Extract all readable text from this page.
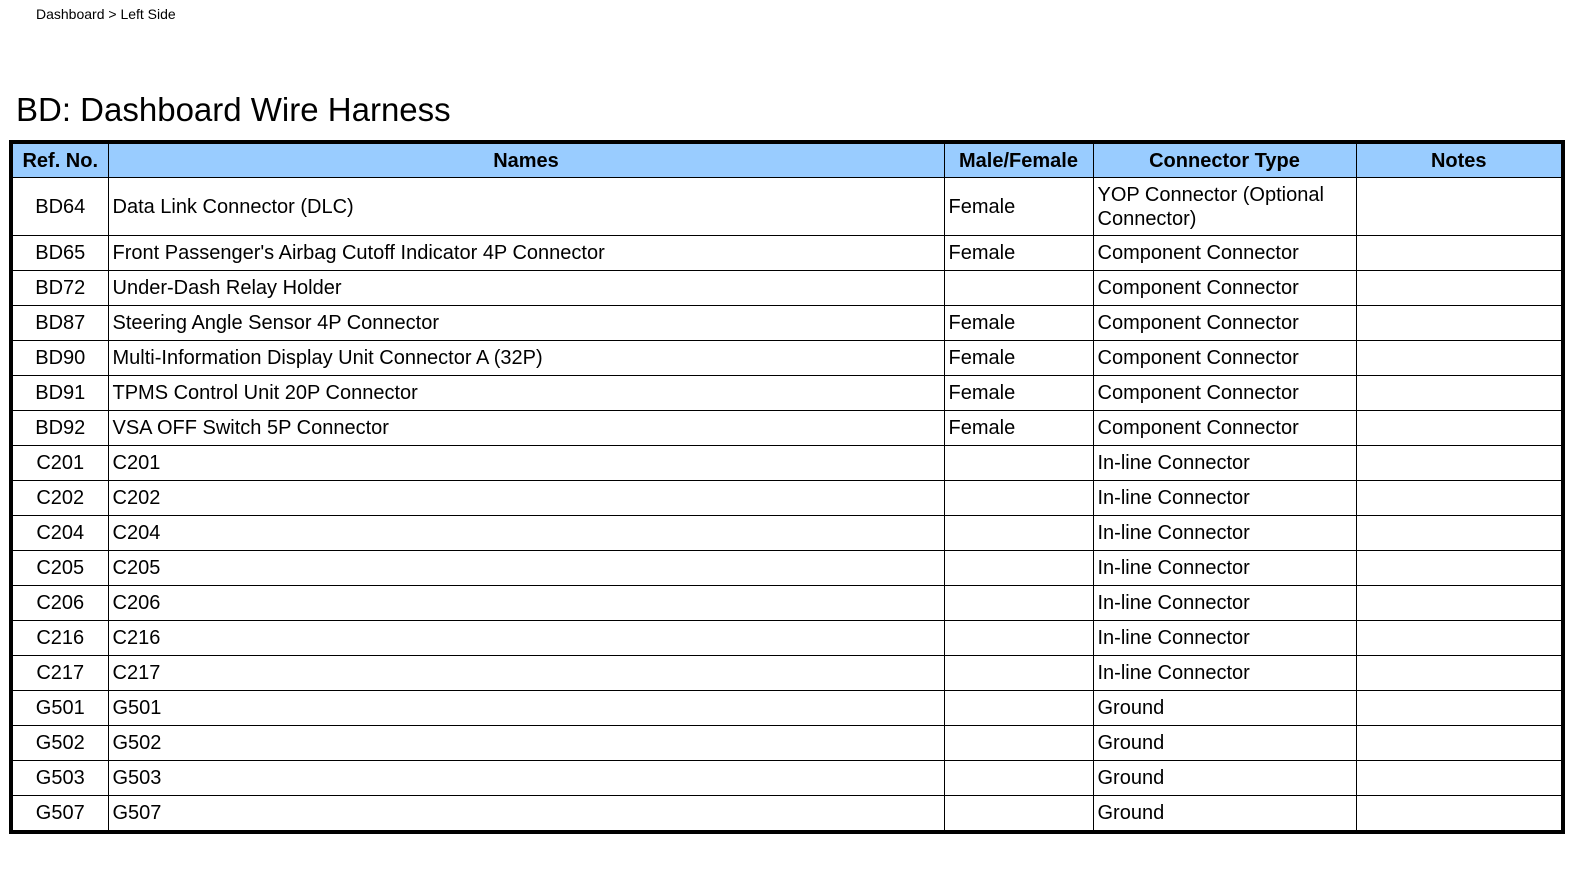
Dashboard > Left Side
BD: Dashboard Wire Harness
Ref. No.	Names	Male/Female	Connector Type	Notes
BD64	Data Link Connector (DLC)	Female	YOP Connector (Optional Connector)	
BD65	Front Passenger's Airbag Cutoff Indicator 4P Connector	Female	Component Connector	
BD72	Under-Dash Relay Holder		Component Connector	
BD87	Steering Angle Sensor 4P Connector	Female	Component Connector	
BD90	Multi-Information Display Unit Connector A (32P)	Female	Component Connector	
BD91	TPMS Control Unit 20P Connector	Female	Component Connector	
BD92	VSA OFF Switch 5P Connector	Female	Component Connector	
C201	C201		In-line Connector	
C202	C202		In-line Connector	
C204	C204		In-line Connector	
C205	C205		In-line Connector	
C206	C206		In-line Connector	
C216	C216		In-line Connector	
C217	C217		In-line Connector	
G501	G501		Ground	
G502	G502		Ground	
G503	G503		Ground	
G507	G507		Ground	
